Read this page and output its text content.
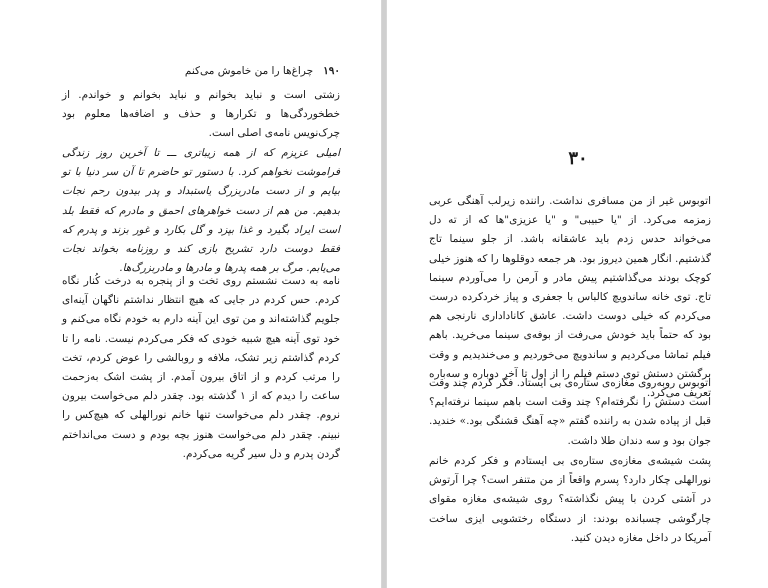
۱۹۰
چراغ‌ها را من خاموش می‌کنم

زشتی است و نباید بخوانم و نباید بخوانم و خواندم. از خطخوردگی‌ها و تکرارها و حذف و اضافه‌ها معلوم بود چرک‌نویس نامه‌ی اصلی است.

امیلی عزیزم که از همه زیباتری ـــ تا آخرین روز زندگی فراموشت نخواهم کرد. با دستور تو حاضرم تا آن سر دنیا با تو بیایم و از دست مادربزرگ یاستبداد و پدر بیدون رحم نجات بدهیم. من هم از دست خواهرهای احمق و مادرم که فقط بلد است ایراد بگیرد و غذا بپزد و گل بکارد و غور بزند و پدرم که فقط دوست دارد تشریح بازی کند و روزنامه بخواند نجات می‌یابم. مرگ بر همه پدرها و مادرها و مادربزرگ‌ها.

نامه به دست نشستم روی تخت و از پنجره به درخت کُنار نگاه کردم. حس کردم در جایی که هیچ انتظار نداشتم ناگهان آینه‌ای جلویم گذاشته‌اند و من توی این آینه دارم به خودم نگاه می‌کنم و خود توی آینه هیچ شبیه خودی که فکر می‌کردم نیست. نامه را تا کردم گذاشتم زیر تشک، ملافه و روبالشی را عوض کردم، تخت را مرتب کردم و از اتاق بیرون آمدم. از پشت اشک به‌زحمت ساعت را دیدم که از ۱ گذشته بود. چقدر دلم می‌خواست بیرون نروم. چقدر دلم می‌خواست تنها خانم نورالهلی که هیچ‌کس را نبینم. چقدر دلم می‌خواست هنوز بچه بودم و دست می‌انداختم گردن پدرم و دل سیر گریه می‌کردم.

۳۰

اتوبوس غیر از من مسافری نداشت. راننده زیرلب آهنگی عربی زمزمه می‌کرد. از "یا حبیبی" و "یا عزیزی"ها که از ته دل می‌خواند حدس زدم باید عاشقانه باشد. از جلو سینما تاج گذشتیم. انگار همین دیروز بود. هر جمعه دوقلوها را که هنوز خیلی کوچک بودند می‌گذاشتیم پیش مادر و آرمن را می‌آوردم سینما تاج. توی خانه ساندویچ کالباس با جعفری و پیاز خردکرده درست می‌کردم که خیلی دوست داشت. عاشق کاناداداری نارنجی هم بود که حتماً باید خودش می‌رفت از بوفه‌ی سینما می‌خرید. باهم فیلم تماشا می‌کردیم و ساندویچ می‌خوردیم و می‌خندیدیم و وقت برگشتن دستش توی دستم فیلم را از اول تا آخر دوباره و سه‌باره تعریف می‌کرد.

اتوبوس روبه‌روی مغازه‌ی ستاره‌ی بی ایستاد. فکر کردم چند وقت است دستش را نگرفته‌ام؟ چند وقت است باهم سینما نرفته‌ایم؟ قبل از پیاده شدن به راننده گفتم «چه آهنگ قشنگی بود.» خندید. جوان بود و سه دندان طلا داشت.

پشت شیشه‌ی مغازه‌ی ستاره‌ی بی ایستادم و فکر کردم خانم نورالهلی چکار دارد؟ پسرم واقعاً از من متنفر است؟ چرا آرتوش در آشتی کردن با پیش نگذاشته؟ روی شیشه‌ی مغازه مقوای چارگوشی چسبانده بودند: از دستگاه رختشویی ایزی ساخت آمریکا در داخل مغازه دیدن کنید.
